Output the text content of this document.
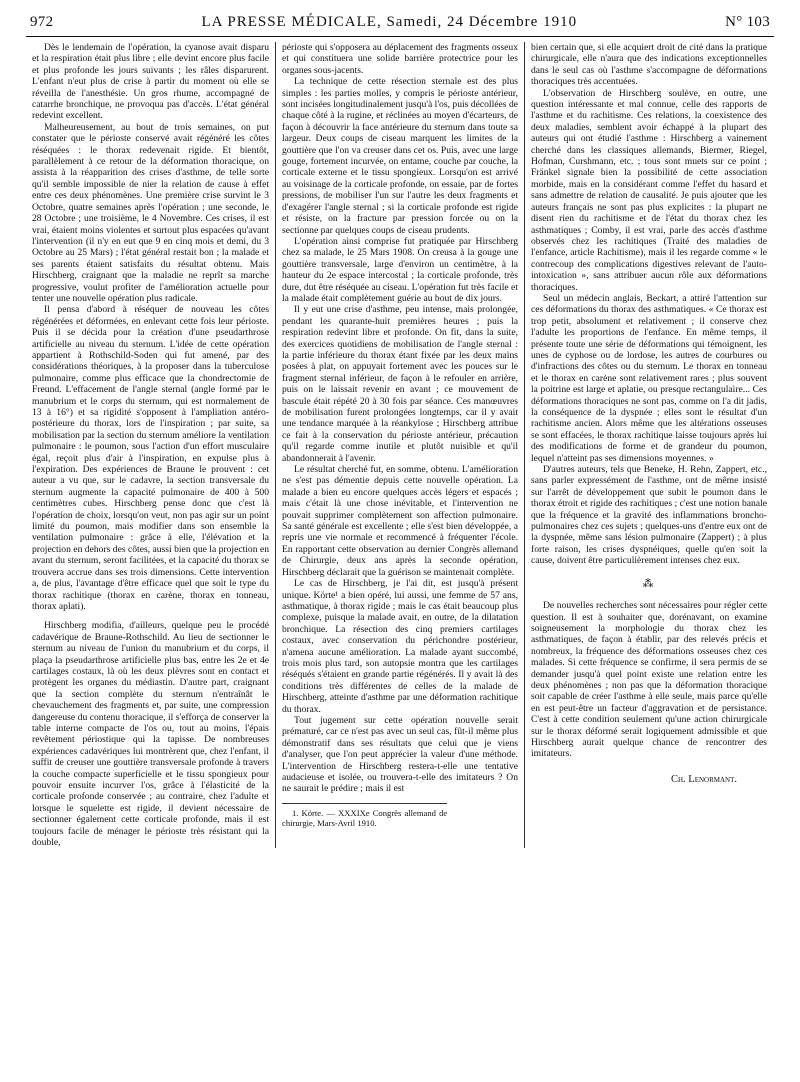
972	LA PRESSE MÉDICALE, Samedi, 24 Décembre 1910	N° 103

Dès le lendemain de l'opération, la cyanose avait disparu et la respiration était plus libre ; elle devint encore plus facile et plus profonde les jours suivants ; les râles disparurent. L'enfant n'eut plus de crise à partir du moment où elle se réveilla de l'anesthésie. Un gros rhume, accompagné de catarrhe bronchique, ne provoqua pas d'accès. L'état général redevint excellent.

Malheureusement, au bout de trois semaines, on put constater que le périoste conservé avait régénéré les côtes réséquées : le thorax redevenait rigide. Et bientôt, parallèlement à ce retour de la déformation thoracique, on assista à la réapparition des crises d'asthme, de telle sorte qu'il semble impossible de nier la relation de cause à effet entre ces deux phénomènes. Une première crise survint le 3 Octobre, quatre semaines après l'opération ; une seconde, le 28 Octobre ; une troisième, le 4 Novembre. Ces crises, il est vrai, étaient moins violentes et surtout plus espacées qu'avant l'intervention (il n'y en eut que 9 en cinq mois et demi, du 3 Octobre au 25 Mars) ; l'état général restait bon ; la malade et ses parents étaient satisfaits du résultat obtenu. Mais Hirschberg, craignant que la maladie ne reprît sa marche progressive, voulut profiter de l'amélioration actuelle pour tenter une nouvelle opération plus radicale.

Il pensa d'abord à réséquer de nouveau les côtes régénérées et déformées, en enlevant cette fois leur périoste. Puis il se décida pour la création d'une pseudarthrose artificielle au niveau du sternum. L'idée de cette opération appartient à Rothschild-Soden qui fut amené, par des considérations théoriques, à la proposer dans la tuberculose pulmonaire, comme plus efficace que la chondrectomie de Freund. L'effacement de l'angle sternal (angle formé par le manubrium et le corps du sternum, qui est normalement de 13 à 16°) et sa rigidité s'opposent à l'ampliation antéro-postérieure du thorax, lors de l'inspiration ; par suite, sa mobilisation par la section du sternum améliore la ventilation pulmonaire : le poumon, sous l'action d'un effort musculaire égal, reçoit plus d'air à l'inspiration, en expulse plus à l'expiration. Des expériences de Braune le prouvent : cet auteur a vu que, sur le cadavre, la section transversale du sternum augmente la capacité pulmonaire de 400 à 500 centimètres cubes. Hirschberg pense donc que c'est là l'opération de choix, lorsqu'on veut, non pas agir sur un point limité du poumon, mais modifier dans son ensemble la ventilation pulmonaire : grâce à elle, l'élévation et la projection en dehors des côtes, aussi bien que la projection en avant du sternum, seront facilitées, et la capacité du thorax se trouvera accrue dans ses trois dimensions. Cette intervention a, de plus, l'avantage d'être efficace quel que soit le type du thorax rachitique (thorax en carène, thorax en tonneau, thorax aplati).

Hirschberg modifia, d'ailleurs, quelque peu le procédé cadavérique de Braune-Rothschild. Au lieu de sectionner le sternum au niveau de l'union du manubrium et du corps, il plaça la pseudarthrose artificielle plus bas, entre les 2e et 4e cartilages costaux, là où les deux plèvres sont en contact et protègent les organes du médiastin. D'autre part, craignant que la section complète du sternum n'entraînât le chevauchement des fragments et, par suite, une compression dangereuse du contenu thoracique, il s'efforça de conserver la table interne compacte de l'os ou, tout au moins, l'épais revêtement périostique qui la tapisse. De nombreuses expériences cadavériques lui montrèrent que, chez l'enfant, il suffit de creuser une gouttière transversale profonde à travers la couche compacte superficielle et le tissu spongieux pour pouvoir ensuite incurver l'os, grâce à l'élasticité de la corticale profonde conservée ; au contraire, chez l'adulte et lorsque le squelette est rigide, il devient nécessaire de sectionner également cette corticale profonde, mais il est toujours facile de ménager le périoste très résistant qui la double,

périoste qui s'opposera au déplacement des fragments osseux et qui constituera une solide barrière protectrice pour les organes sous-jacents.

La technique de cette résection sternale est des plus simples : les parties molles, y compris le périoste antérieur, sont incisées longitudinalement jusqu'à l'os, puis décollées de chaque côté à la rugine, et réclinées au moyen d'écarteurs, de façon à découvrir la face antérieure du sternum dans toute sa largeur. Deux coups de ciseau marquent les limites de la gouttière que l'on va creuser dans cet os. Puis, avec une large gouge, fortement incurvée, on entame, couche par couche, la corticale externe et le tissu spongieux. Lorsqu'on est arrivé au voisinage de la corticale profonde, on essaie, par de fortes pressions, de mobiliser l'un sur l'autre les deux fragments et d'exagérer l'angle sternal ; si la corticale profonde est rigide et résiste, on la fracture par pression forcée ou on la sectionne par quelques coups de ciseau prudents.

L'opération ainsi comprise fut pratiquée par Hirschberg chez sa malade, le 25 Mars 1908. On creusa à la gouge une gouttière transversale, large d'environ un centimètre, à la hauteur du 2e espace intercostal ; la corticale profonde, très dure, dut être réséquée au ciseau. L'opération fut très facile et la malade était complètement guérie au bout de dix jours.

Il y eut une crise d'asthme, peu intense, mais prolongée, pendant les quarante-huit premières heures ; puis la respiration redevint libre et profonde. On fit, dans la suite, des exercices quotidiens de mobilisation de l'angle sternal : la partie inférieure du thorax étant fixée par les deux mains posées à plat, on appuyait fortement avec les pouces sur le fragment sternal inférieur, de façon à le refouler en arrière, puis on le laissait revenir en avant ; ce mouvement de bascule était répété 20 à 30 fois par séance. Ces manœuvres de mobilisation furent prolongées longtemps, car il y avait une tendance marquée à la réankylose ; Hirschberg attribue ce fait à la conservation du périoste antérieur, précaution qu'il regarde comme inutile et plutôt nuisible et qu'il abandonnerait à l'avenir.

Le résultat cherché fut, en somme, obtenu. L'amélioration ne s'est pas démentie depuis cette nouvelle opération. La malade a bien eu encore quelques accès légers et espacés ; mais c'était là une chose inévitable, et l'intervention ne pouvait supprimer complètement son affection pulmonaire. Sa santé générale est excellente ; elle s'est bien développée, a repris une vie normale et recommencé à fréquenter l'école. En rapportant cette observation au dernier Congrès allemand de Chirurgie, deux ans après la seconde opération, Hirschberg déclarait que la guérison se maintenait complète.

Le cas de Hirschberg, je l'ai dit, est jusqu'à présent unique. Körte¹ a bien opéré, lui aussi, une femme de 57 ans, asthmatique, à thorax rigide ; mais le cas était beaucoup plus complexe, puisque la malade avait, en outre, de la dilatation bronchique. La résection des cinq premiers cartilages costaux, avec conservation du périchondre postérieur, n'amena aucune amélioration. La malade ayant succombé, trois mois plus tard, son autopsie montra que les cartilages réséqués s'étaient en grande partie régénérés. Il y avait là des conditions très différentes de celles de la malade de Hirschberg, atteinte d'asthme par une déformation rachitique du thorax.

Tout jugement sur cette opération nouvelle serait prématuré, car ce n'est pas avec un seul cas, fût-il même plus démonstratif dans ses résultats que celui que je viens d'analyser, que l'on peut apprécier la valeur d'une méthode. L'intervention de Hirschberg restera-t-elle une tentative audacieuse et isolée, ou trouvera-t-elle des imitateurs ? On ne saurait le prédire ; mais il est

1. Körte. — XXXIXe Congrès allemand de chirurgie, Mars-Avril 1910.

bien certain que, si elle acquiert droit de cité dans la pratique chirurgicale, elle n'aura que des indications exceptionnelles dans le seul cas où l'asthme s'accompagne de déformations thoraciques très accentuées.

L'observation de Hirschberg soulève, en outre, une question intéressante et mal connue, celle des rapports de l'asthme et du rachitisme. Ces relations, la coexistence des deux maladies, semblent avoir échappé à la plupart des auteurs qui ont étudié l'asthme : Hirschberg a vainement cherché dans les classiques allemands, Biermer, Riegel, Hofman, Curshmann, etc. ; tous sont muets sur ce point ; Fränkel signale bien la possibilité de cette association morbide, mais en la considérant comme l'effet du hasard et sans admettre de relation de causalité. Je puis ajouter que les auteurs français ne sont pas plus explicites : la plupart ne disent rien du rachitisme et de l'état du thorax chez les asthmatiques ; Comby, il est vrai, parle des accès d'asthme observés chez les rachitiques (Traité des maladies de l'enfance, article Rachitisme), mais il les regarde comme « le contrecoup des complications digestives relevant de l'auto-intoxication », sans attribuer aucun rôle aux déformations thoraciques.

Seul un médecin anglais, Beckart, a attiré l'attention sur ces déformations du thorax des asthmatiques. « Ce thorax est trop petit, absolument et relativement ; il conserve chez l'adulte les proportions de l'enfance. En même temps, il présente toute une série de déformations qui témoignent, les unes de cyphose ou de lordose, les autres de courbures ou d'infractions des côtes ou du sternum. Le thorax en tonneau et le thorax en carène sont relativement rares ; plus souvent la poitrine est large et aplatie, ou presque rectangulaire... Ces déformations thoraciques ne sont pas, comme on l'a dit jadis, la conséquence de la dyspnée ; elles sont le résultat d'un rachitisme ancien. Alors même que les altérations osseuses se sont effacées, le thorax rachitique laisse toujours après lui des modifications de forme et de grandeur du poumon, lequel n'atteint pas ses dimensions moyennes. »

D'autres auteurs, tels que Beneke, H. Rehn, Zappert, etc., sans parler expressément de l'asthme, ont de même insisté sur l'arrêt de développement que subit le poumon dans le thorax étroit et rigide des rachitiques ; c'est une notion banale que la fréquence et la gravité des inflammations broncho-pulmonaires chez ces sujets ; quelques-uns d'entre eux ont de la dyspnée, même sans lésion pulmonaire (Zappert) ; à plus forte raison, les crises dyspnéiques, quelle qu'en soit la cause, doivent être particulièrement intenses chez eux.

⁂

De nouvelles recherches sont nécessaires pour régler cette question. Il est à souhaiter que, dorénavant, on examine soigneusement la morphologie du thorax chez les asthmatiques, de façon à établir, par des relevés précis et nombreux, la fréquence des déformations osseuses chez ces malades. Si cette fréquence se confirme, il sera permis de se demander jusqu'à quel point existe une relation entre les deux phénomènes ; non pas que la déformation thoracique soit capable de créer l'asthme à elle seule, mais parce qu'elle en est peut-être un facteur d'aggravation et de persistance. C'est à cette condition seulement qu'une action chirurgicale sur le thorax déformé serait logiquement admissible et que Hirschberg aurait quelque chance de rencontrer des imitateurs.

Ch. Lenormant.
